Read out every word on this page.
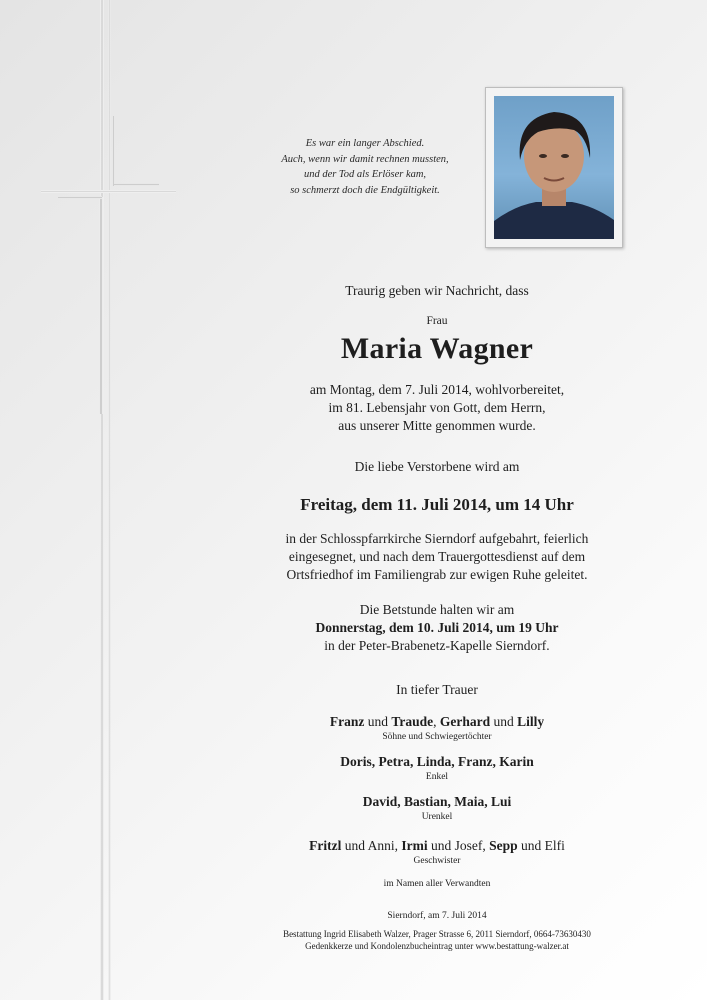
Es war ein langer Abschied.
Auch, wenn wir damit rechnen mussten,
und der Tod als Erlöser kam,
so schmerzt doch die Endgültigkeit.
Traurig geben wir Nachricht, dass
Frau
Maria Wagner
am Montag, dem 7. Juli 2014, wohlvorbereitet,
im 81. Lebensjahr von Gott, dem Herrn,
aus unserer Mitte genommen wurde.
Die liebe Verstorbene wird am
Freitag, dem 11. Juli 2014, um 14 Uhr
in der Schlosspfarrkirche Sierndorf aufgebahrt, feierlich
eingesegnet, und nach dem Trauergottesdienst auf dem
Ortsfriedhof im Familiengrab zur ewigen Ruhe geleitet.
Die Betstunde halten wir am
Donnerstag, dem 10. Juli 2014, um 19 Uhr
in der Peter-Brabenetz-Kapelle Sierndorf.
In tiefer Trauer
Franz und Traude, Gerhard und Lilly
Söhne und Schwiegertöchter
Doris, Petra, Linda, Franz, Karin
Enkel
David, Bastian, Maia, Lui
Urenkel
Fritzl und Anni, Irmi und Josef, Sepp und Elfi
Geschwister
im Namen aller Verwandten
Sierndorf, am 7. Juli 2014
Bestattung Ingrid Elisabeth Walzer, Prager Strasse 6, 2011 Sierndorf, 0664-73630430
Gedenkkerze und Kondolenzbucheintrag unter www.bestattung-walzer.at
